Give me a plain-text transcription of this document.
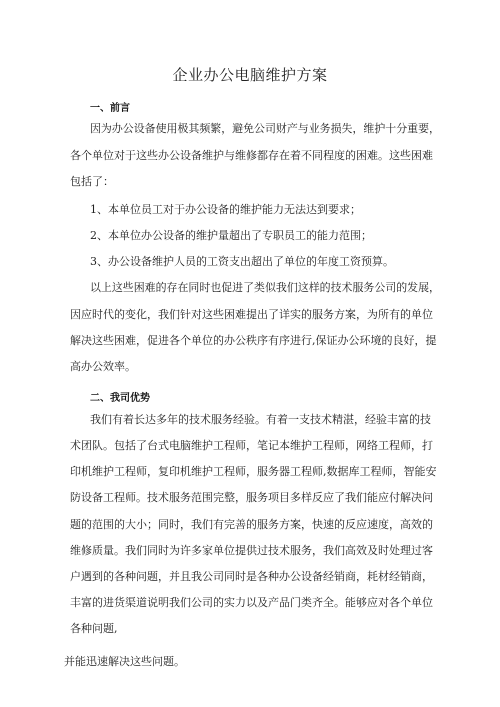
企业办公电脑维护方案
一、前言
因为办公设备使用极其频繁，避免公司财产与业务损失，维护十分重要，
各个单位对于这些办公设备维护与维修都存在着不同程度的困难。这些困难
包括了：
1、本单位员工对于办公设备的维护能力无法达到要求；
2、本单位办公设备的维护量超出了专职员工的能力范围；
3、办公设备维护人员的工资支出超出了单位的年度工资预算。
以上这些困难的存在同时也促进了类似我们这样的技术服务公司的发展，
因应时代的变化，我们针对这些困难提出了详实的服务方案，为所有的单位
解决这些困难，促进各个单位的办公秩序有序进行,保证办公环境的良好，提
高办公效率。
二、我司优势
我们有着长达多年的技术服务经验。有着一支技术精湛，经验丰富的技
术团队。包括了台式电脑维护工程师，笔记本维护工程师，网络工程师，打
印机维护工程师，复印机维护工程师，服务器工程师,数据库工程师，智能安
防设备工程师。技术服务范围完整，服务项目多样反应了我们能应付解决问
题的范围的大小；同时，我们有完善的服务方案，快速的反应速度，高效的
维修质量。我们同时为许多家单位提供过技术服务，我们高效及时处理过客
户遇到的各种问题，并且我公司同时是各种办公设备经销商，耗材经销商，
丰富的进货渠道说明我们公司的实力以及产品门类齐全。能够应对各个单位
各种问题,
并能迅速解决这些问题。
